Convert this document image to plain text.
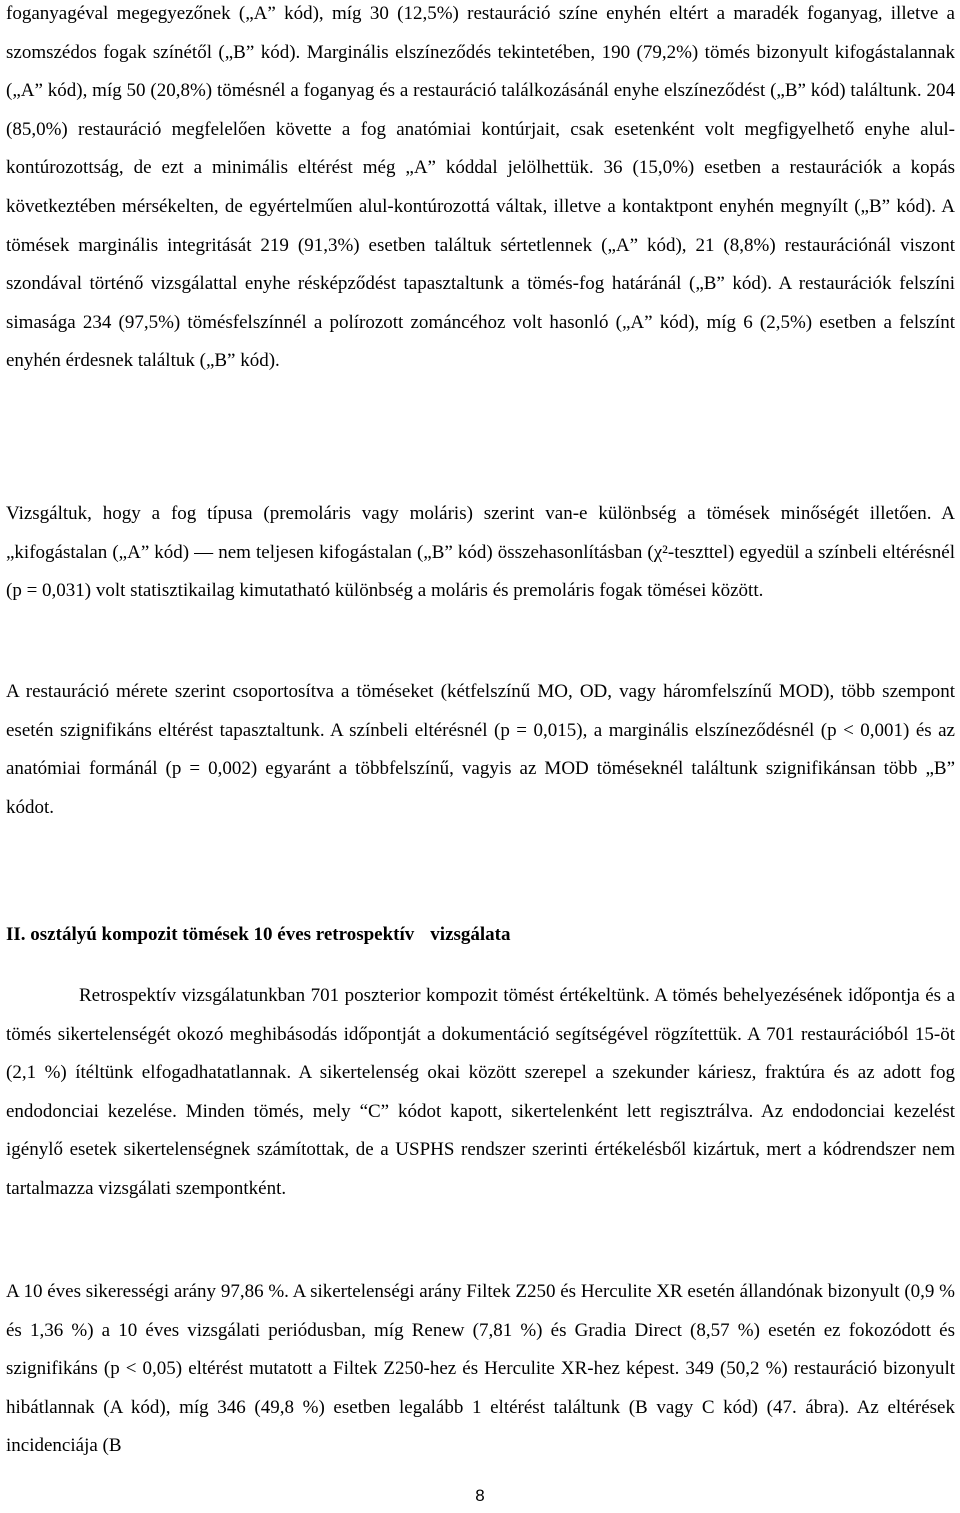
foganyagéval megegyezőnek („A” kód), míg 30 (12,5%) restauráció színe enyhén eltért a maradék foganyag, illetve a szomszédos fogak színétől („B” kód). Marginális elszíneződés tekintetében, 190 (79,2%) tömés bizonyult kifogástalannak („A” kód), míg 50 (20,8%) tömésnél a foganyag és a restauráció találkozásánál enyhe elszíneződést („B” kód) találtunk. 204 (85,0%) restauráció megfelelően követte a fog anatómiai kontúrjait, csak esetenként volt megfigyelhető enyhe alul-kontúrozottság, de ezt a minimális eltérést még „A” kóddal jelölhettük. 36 (15,0%) esetben a restaurációk a kopás következtében mérsékelten, de egyértelműen alul-kontúrozottá váltak, illetve a kontaktpont enyhén megnyílt („B” kód). A tömések marginális integritását 219 (91,3%) esetben találtuk sértetlennek („A” kód), 21 (8,8%) restaurációnál viszont szondával történő vizsgálattal enyhe résképződést tapasztaltunk a tömés-fog határánál („B” kód). A restaurációk felszíni simasága 234 (97,5%) tömésfelszínnél a polírozott zománcéhoz volt hasonló („A” kód), míg 6 (2,5%) esetben a felszínt enyhén érdesnek találtuk („B” kód).

Vizsgáltuk, hogy a fog típusa (premoláris vagy moláris) szerint van-e különbség a tömések minőségét illetően. A „kifogástalan („A” kód) ― nem teljesen kifogástalan („B” kód) összehasonlításban (χ²-teszttel) egyedül a színbeli eltérésnél (p = 0,031) volt statisztikailag kimutatható különbség a moláris és premoláris fogak tömései között.

A restauráció mérete szerint csoportosítva a töméseket (kétfelszínű MO, OD, vagy háromfelszínű MOD), több szempont esetén szignifikáns eltérést tapasztaltunk. A színbeli eltérésnél (p = 0,015), a marginális elszíneződésnél (p < 0,001) és az anatómiai formánál (p = 0,002) egyaránt a többfelszínű, vagyis az MOD töméseknél találtunk szignifikánsan több „B” kódot.

II. osztályú kompozit tömések 10 éves retrospektív vizsgálata

Retrospektív vizsgálatunkban 701 poszterior kompozit tömést értékeltünk. A tömés behelyezésének időpontja és a tömés sikertelenségét okozó meghibásodás időpontját a dokumentáció segítségével rögzítettük. A 701 restaurációból 15-öt (2,1 %) ítéltünk elfogadhatatlannak. A sikertelenség okai között szerepel a szekunder káriesz, fraktúra és az adott fog endodonciai kezelése. Minden tömés, mely “C” kódot kapott, sikertelenként lett regisztrálva. Az endodonciai kezelést igénylő esetek sikertelenségnek számítottak, de a USPHS rendszer szerinti értékelésből kizártuk, mert a kódrendszer nem tartalmazza vizsgálati szempontként.

A 10 éves sikerességi arány 97,86 %. A sikertelenségi arány Filtek Z250 és Herculite XR esetén állandónak bizonyult (0,9 % és 1,36 %) a 10 éves vizsgálati periódusban, míg Renew (7,81 %) és Gradia Direct (8,57 %) esetén ez fokozódott és szignifikáns (p < 0,05) eltérést mutatott a Filtek Z250-hez és Herculite XR-hez képest. 349 (50,2 %) restauráció bizonyult hibátlannak (A kód), míg 346 (49,8 %) esetben legalább 1 eltérést találtunk (B vagy C kód) (47. ábra). Az eltérések incidenciája (B

8
